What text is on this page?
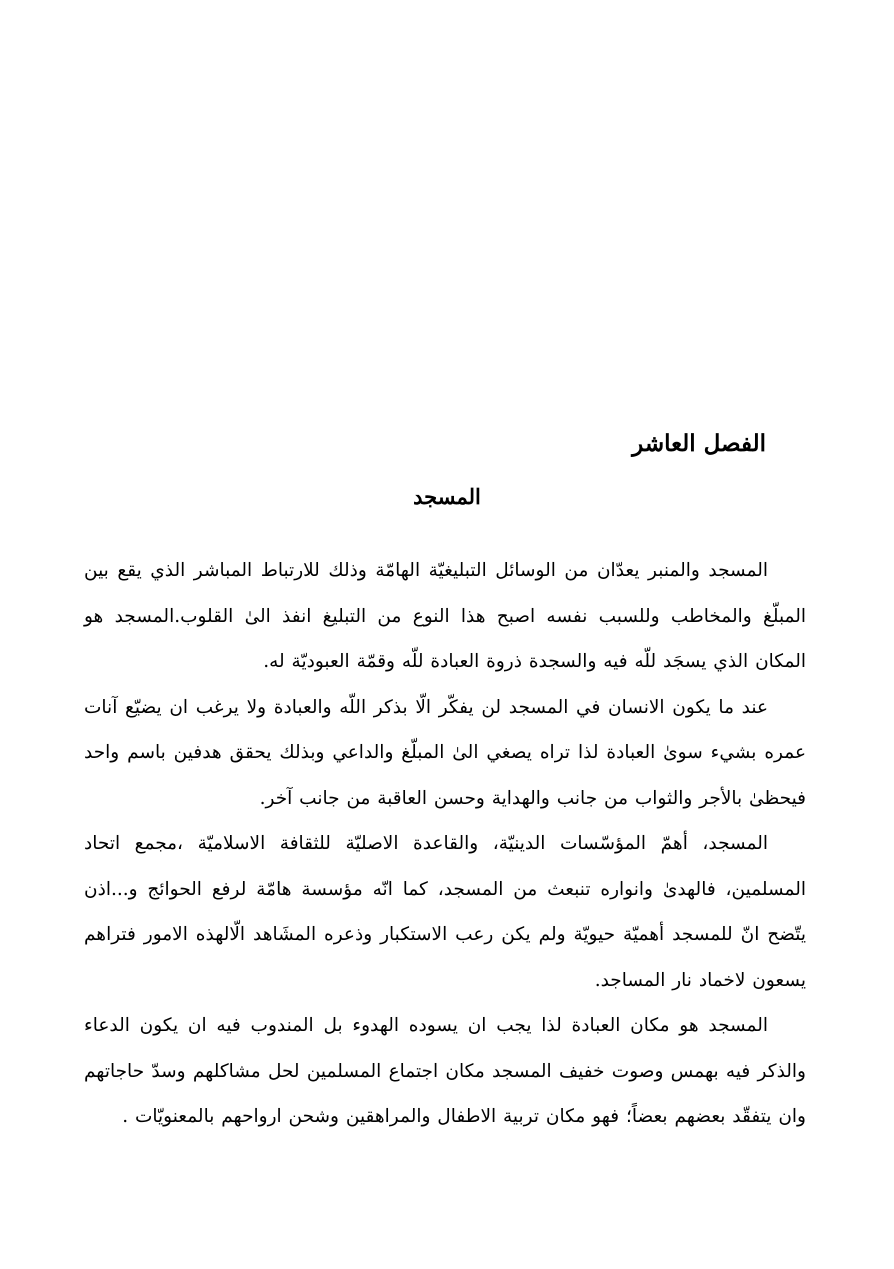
الفصل العاشر
المسجد

المسجد والمنبر يعدّان من الوسائل التبليغيّة الهامّة وذلك للارتباط المباشر الذي يقع بين المبلّغ والمخاطب وللسبب نفسه اصبح هذا النوع من التبليغ انفذ الىٰ القلوب.المسجد هو المكان الذي يسجَد للّه فيه والسجدة ذروة العبادة للّه وقمّة العبوديّة له.

عند ما يكون الانسان في المسجد لن يفكّر الّا بذكر اللّه والعبادة ولا يرغب ان يضيّع آنات عمره بشيء سوىٰ العبادة لذا تراه يصغي الىٰ المبلّغ والداعي وبذلك يحقق هدفين باسم واحد فيحظىٰ بالأجر والثواب من جانب والهداية وحسن العاقبة من جانب آخر.

المسجد، أهمّ المؤسّسات الدينيّة، والقاعدة الاصليّة للثقافة الاسلاميّة ،مجمع اتحاد المسلمين، فالهدىٰ وانواره تنبعث من المسجد، كما انّه مؤسسة هامّة لرفع الحوائج و...اذن يتّضح انّ للمسجد أهميّة حيويّة ولم يكن رعب الاستكبار وذعره المشَاهد الّالهذه الامور فتراهم يسعون لاخماد نار المساجد.

المسجد هو مكان العبادة لذا يجب ان يسوده الهدوء بل المندوب فيه ان يكون الدعاء والذكر فيه بهمس وصوت خفيف المسجد مكان اجتماع المسلمين لحل مشاكلهم وسدّ حاجاتهم وان يتفقّد بعضهم بعضاً؛ فهو مكان تربية الاطفال والمراهقين وشحن ارواحهم بالمعنويّات .
